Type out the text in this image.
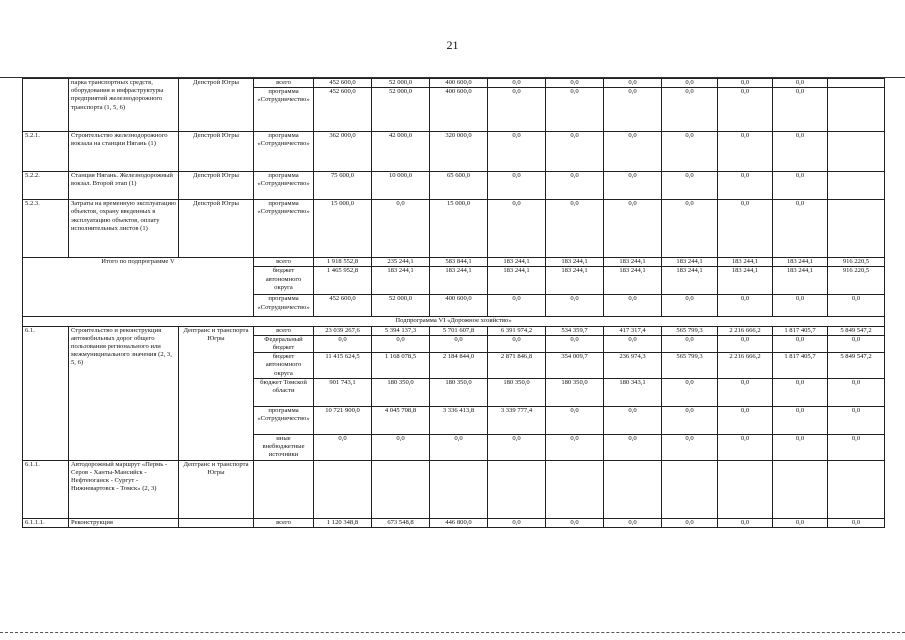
21
	парка транспортных средств, оборудования и инфраструктуры предприятий железнодорожного транспорта (1, 5, 6)	Депстрой Югры	всего	452 600,0	52 000,0	400 600,0	0,0	0,0	0,0	0,0	0,0	0,0	
			программа «Сотрудничество»	452 600,0	52 000,0	400 600,0	0,0	0,0	0,0	0,0	0,0	0,0	
5.2.1.	Строительство железнодорожного вокзала на станции Нягань (1)	Депстрой Югры	программа «Сотрудничество»	362 000,0	42 000,0	320 000,0	0,0	0,0	0,0	0,0	0,0	0,0	
5.2.2.	Станция Нягань. Железнодорожный вокзал. Второй этап (1)	Депстрой Югры	программа «Сотрудничество»	75 600,0	10 000,0	65 600,0	0,0	0,0	0,0	0,0	0,0	0,0	
5.2.3.	Затраты на временную эксплуатацию объектов, охрану введенных в эксплуатацию объектов, оплату исполнительных листов (1)	Депстрой Югры	программа «Сотрудничество»	15 000,0	0,0	15 000,0	0,0	0,0	0,0	0,0	0,0	0,0	
Итого по подпрограмме V			всего	1 918 552,8	235 244,1	583 844,1	183 244,1	183 244,1	183 244,1	183 244,1	183 244,1	183 244,1	916 220,5
			бюджет автономного округа	1 465 952,8	183 244,1	183 244,1	183 244,1	183 244,1	183 244,1	183 244,1	183 244,1	183 244,1	916 220,5
			программа «Сотрудничество»	452 600,0	52 000,0	400 600,0	0,0	0,0	0,0	0,0	0,0	0,0	0,0
Подпрограмма VI «Дорожное хозяйство»													
6.1.	Строительство и реконструкция автомобильных дорог общего пользования регионального или межмуниципального значения (2, 3, 5, 6)	Дептранс и транспорта Югры	всего	23 039 267,6	5 394 137,3	5 701 607,8	6 391 974,2	534 359,7	417 317,4	565 799,3	2 216 666,2	1 817 405,7	5 849 547,2
			Федеральный бюджет	0,0	0,0	0,0	0,0	0,0	0,0	0,0	0,0	0,0	0,0
			бюджет автономного округа	11 415 624,5	1 168 078,5	2 184 844,0	2 871 846,8	354 009,7	236 974,3	565 799,3	2 216 666,2	1 817 405,7	5 849 547,2
			бюджет Томской области	901 743,1	180 350,0	180 350,0	180 350,0	180 350,0	180 343,1	0,0	0,0	0,0	0,0
			программа «Сотрудничество»	10 721 900,0	4 045 708,8	3 336 413,8	3 339 777,4	0,0	0,0	0,0	0,0	0,0	0,0
			иные внебюджетные источники	0,0	0,0	0,0	0,0	0,0	0,0	0,0	0,0	0,0	0,0
6.1.1.	Автодорожный маршрут «Пермь - Серов - Ханты-Мансийск - Нефтеюганск - Сургут - Нижневартовск - Томск» (2, 3)	Дептранс и транспорта Югры											
6.1.1.1.	Реконструкция		всего	1 120 348,8	673 548,8	446 800,0	0,0	0,0	0,0	0,0	0,0	0,0	0,0
